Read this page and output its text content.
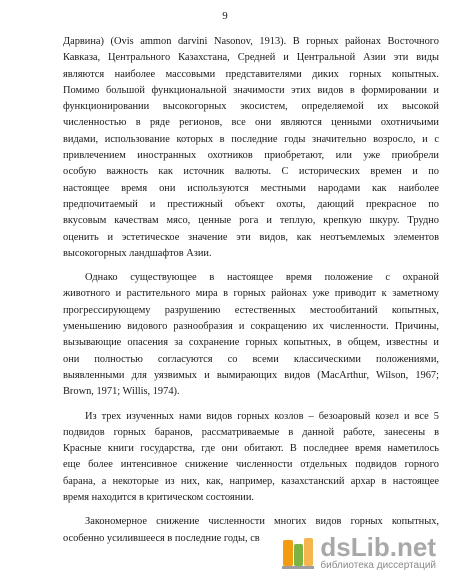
9
Дарвина) (Ovis ammon darvini Nasonov, 1913). В горных районах Восточного
Кавказа, Центрального Казахстана, Средней и Центральной Азии эти виды
являются наиболее массовыми представителями диких горных копытных.
Помимо большой функциональной значимости этих видов в формировании и
функционировании высокогорных экосистем, определяемой их высокой
численностью в ряде регионов, все они являются ценными охотничьими
видами, использование которых в последние годы значительно возросло, и с
привлечением иностранных охотников приобретают, или уже приобрели
особую важность как источник валюты. С исторических времен и по
настоящее время они используются местными народами как наиболее
предпочитаемый и престижный объект охоты, дающий прекрасное по
вкусовым качествам мясо, ценные рога и теплую, крепкую шкуру. Трудно
оценить и эстетическое значение эти видов, как неотъемлемых элементов
высокогорных ландшафтов Азии.
Однако существующее в настоящее время положение с охраной
животного и растительного мира в горных районах уже приводит к заметному
прогрессирующему разрушению естественных местообитаний копытных,
уменьшению видового разнообразия и сокращению их численности. Причины,
вызывающие опасения за сохранение горных копытных, в общем, известны и
они полностью согласуются со всеми классическими положениями,
выявленными для уязвимых и вымирающих видов (MacArthur, Wilson, 1967;
Brown, 1971; Willis, 1974).
Из трех изученных нами видов горных козлов – безоаровый козел и все 5
подвидов горных баранов, рассматриваемые в данной работе, занесены в
Красные книги государства, где они обитают. В последнее время наметилось
еще более интенсивное снижение численности отдельных подвидов горного
барана, а некоторые из них, как, например, казахстанский архар в настоящее
время находится в критическом состоянии.
Закономерное снижение численности многих видов горных копытных,
особенно усилившееся в последние годы, св	dsLib.net
библиотека диссертаций
